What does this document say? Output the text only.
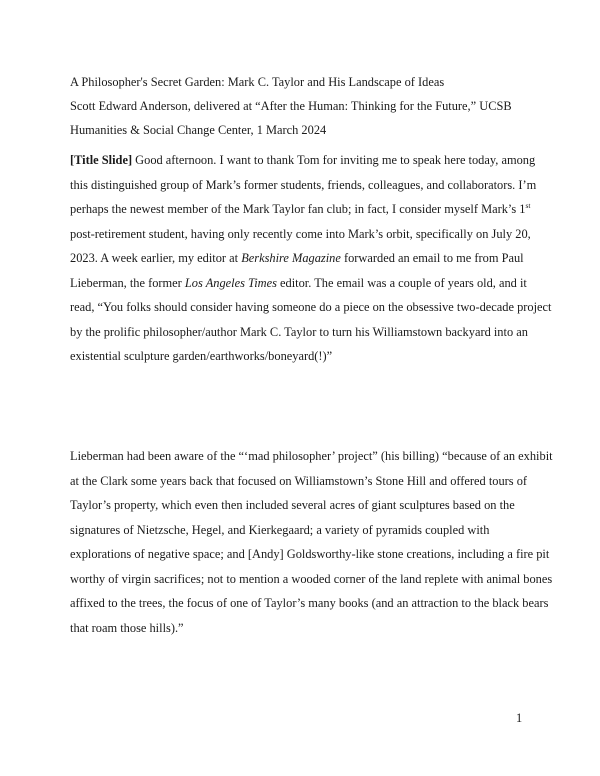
A Philosopher's Secret Garden: Mark C. Taylor and His Landscape of Ideas

Scott Edward Anderson, delivered at “After the Human: Thinking for the Future,” UCSB

Humanities & Social Change Center, 1 March 2024

[Title Slide] Good afternoon. I want to thank Tom for inviting me to speak here today, among
this distinguished group of Mark’s former students, friends, colleagues, and collaborators. I’m
perhaps the newest member of the Mark Taylor fan club; in fact, I consider myself Mark’s 1st
post-retirement student, having only recently come into Mark’s orbit, specifically on July 20,
2023. A week earlier, my editor at Berkshire Magazine forwarded an email to me from Paul
Lieberman, the former Los Angeles Times editor. The email was a couple of years old, and it
read, “You folks should consider having someone do a piece on the obsessive two-decade project
by the prolific philosopher/author Mark C. Taylor to turn his Williamstown backyard into an
existential sculpture garden/earthworks/boneyard(!)”
Lieberman had been aware of the “‘mad philosopher’ project” (his billing) “because of an exhibit
at the Clark some years back that focused on Williamstown’s Stone Hill and offered tours of
Taylor’s property, which even then included several acres of giant sculptures based on the
signatures of Nietzsche, Hegel, and Kierkegaard; a variety of pyramids coupled with
explorations of negative space; and [Andy] Goldsworthy-like stone creations, including a fire pit
worthy of virgin sacrifices; not to mention a wooded corner of the land replete with animal bones
affixed to the trees, the focus of one of Taylor’s many books (and an attraction to the black bears
that roam those hills).”
1
